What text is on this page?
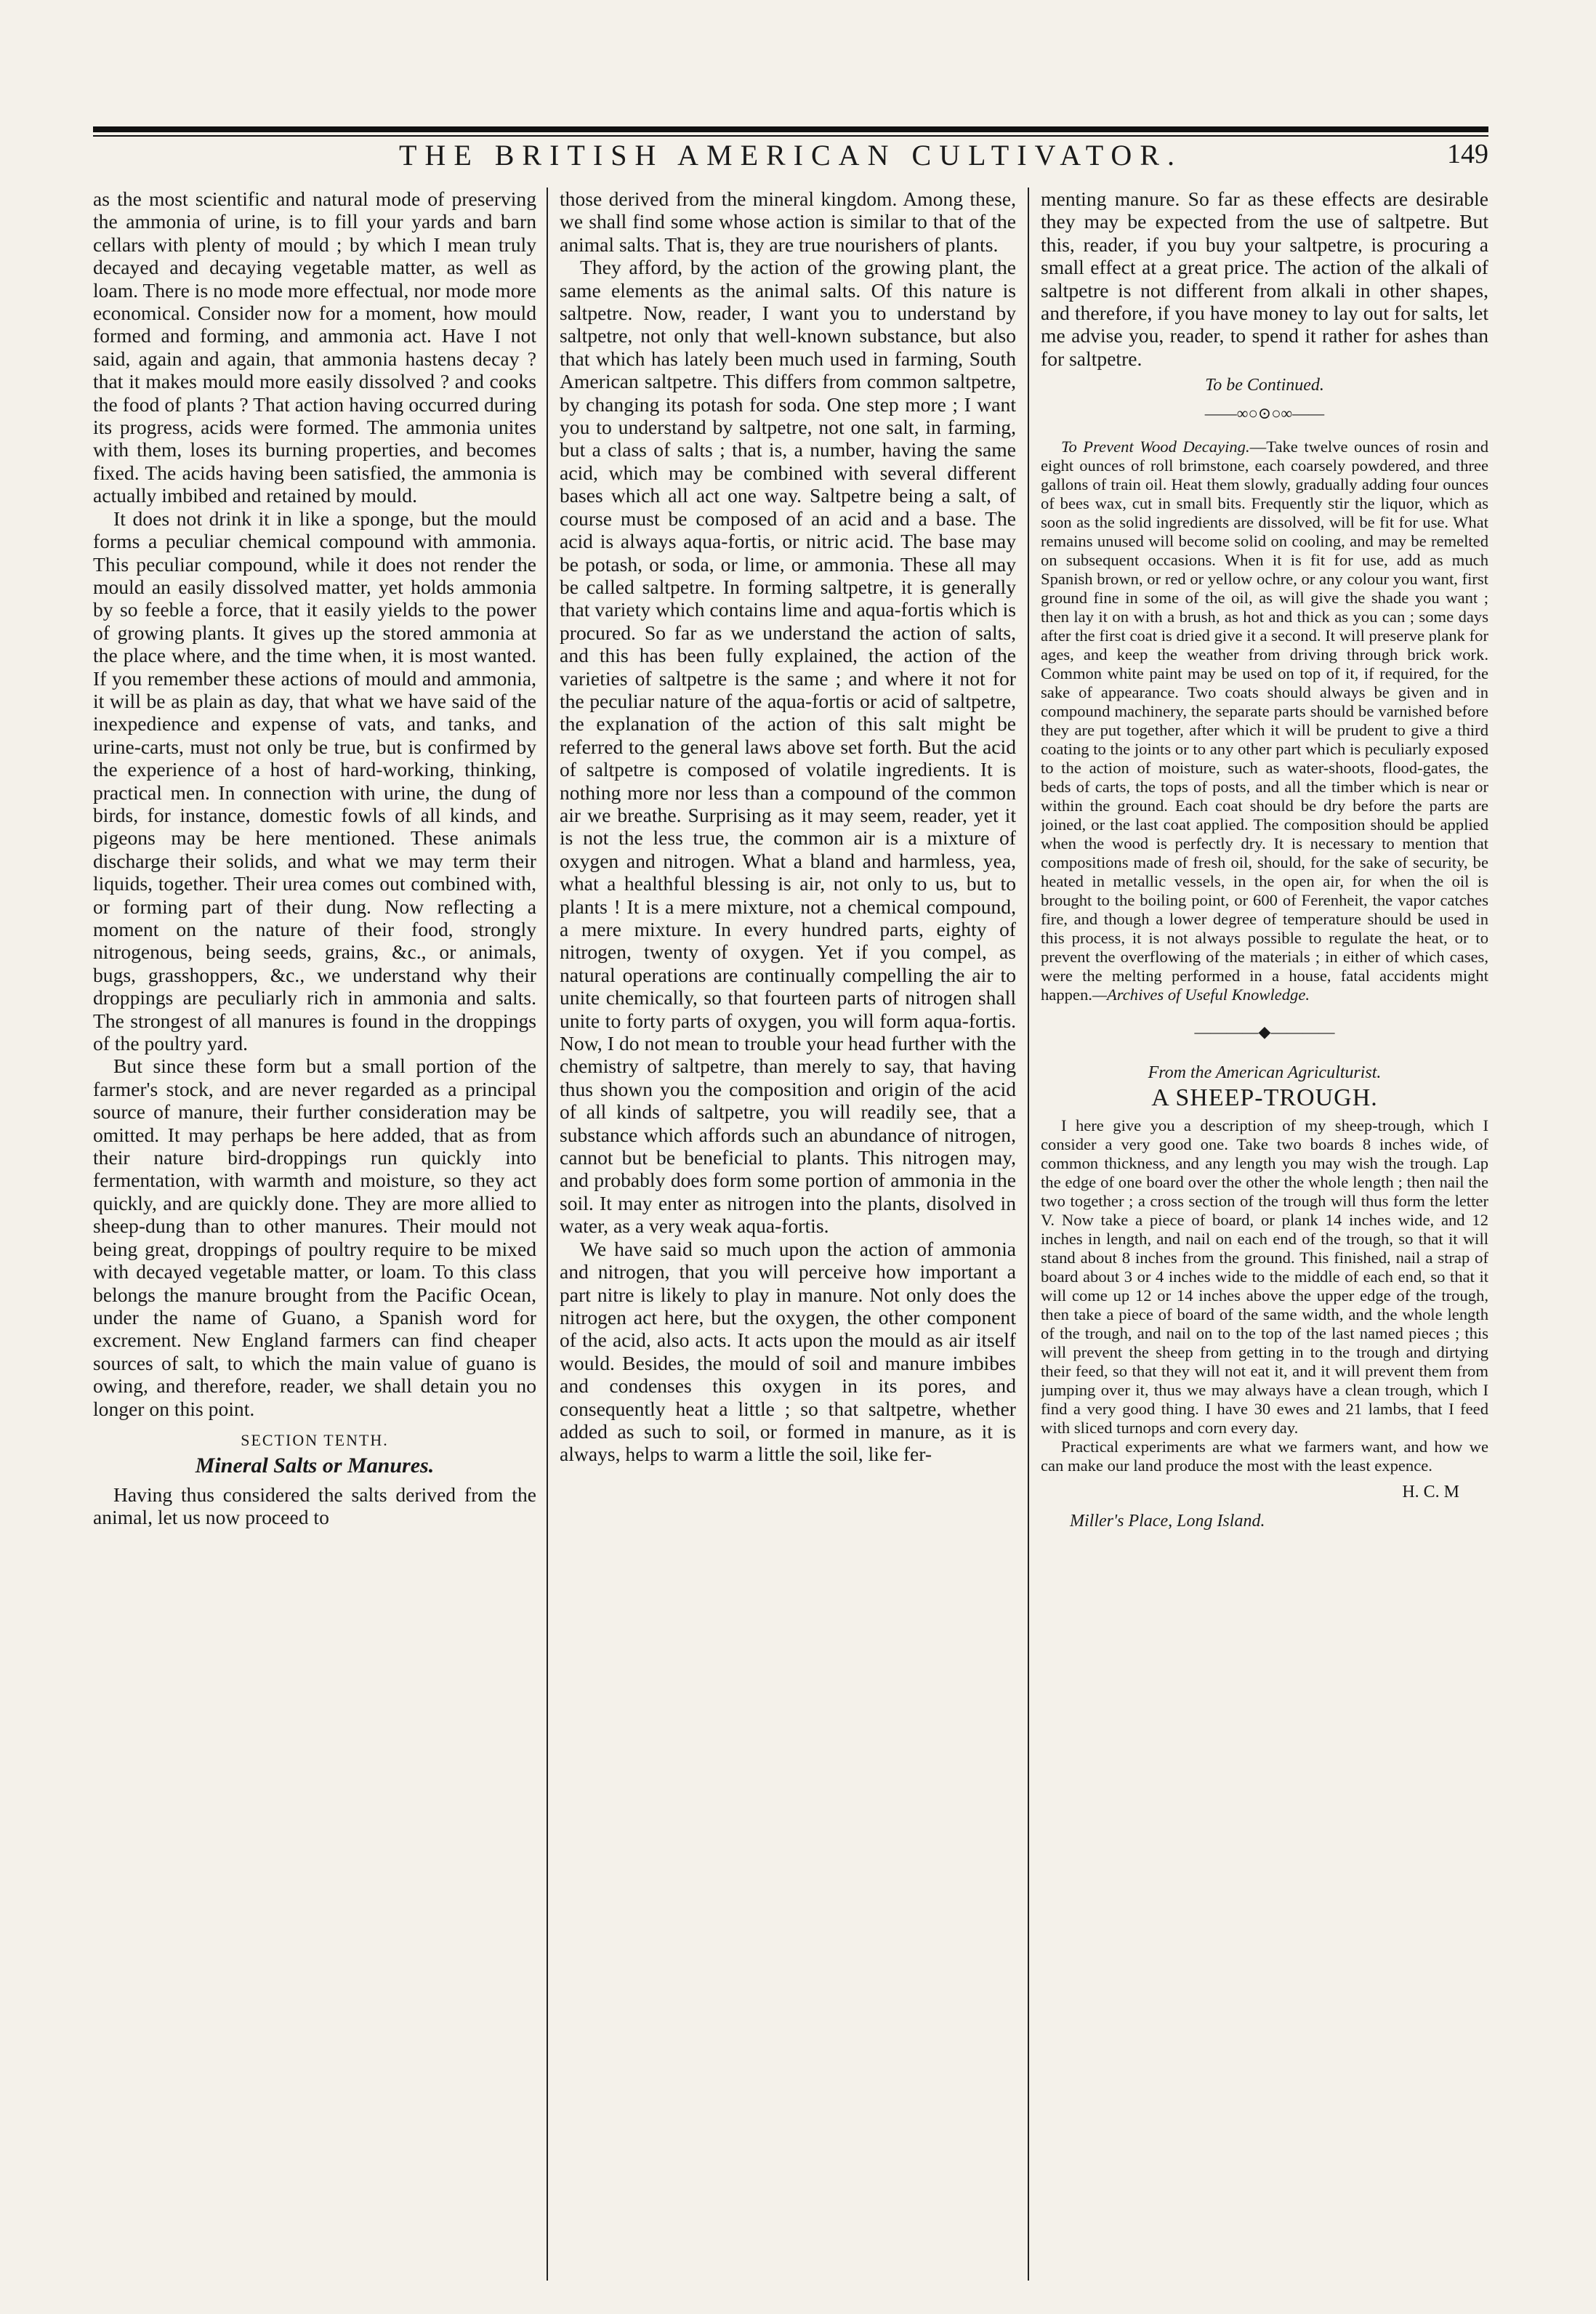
THE BRITISH AMERICAN CULTIVATOR.	149

as the most scientific and natural mode of preserving the ammonia of urine, is to fill your yards and barn cellars with plenty of mould ; by which I mean truly decayed and decaying vegetable matter, as well as loam. There is no mode more effectual, nor mode more economical. Consider now for a moment, how mould formed and forming, and ammonia act. Have I not said, again and again, that ammonia hastens decay ? that it makes mould more easily dissolved ? and cooks the food of plants ? That action having occurred during its progress, acids were formed. The ammonia unites with them, loses its burning properties, and becomes fixed. The acids having been satisfied, the ammonia is actually imbibed and retained by mould.

It does not drink it in like a sponge, but the mould forms a peculiar chemical compound with ammonia. This peculiar compound, while it does not render the mould an easily dissolved matter, yet holds ammonia by so feeble a force, that it easily yields to the power of growing plants. It gives up the stored ammonia at the place where, and the time when, it is most wanted. If you remember these actions of mould and ammonia, it will be as plain as day, that what we have said of the inexpedience and expense of vats, and tanks, and urine-carts, must not only be true, but is confirmed by the experience of a host of hard-working, thinking, practical men. In connection with urine, the dung of birds, for instance, domestic fowls of all kinds, and pigeons may be here mentioned. These animals discharge their solids, and what we may term their liquids, together. Their urea comes out combined with, or forming part of their dung. Now reflecting a moment on the nature of their food, strongly nitrogenous, being seeds, grains, &c., or animals, bugs, grasshoppers, &c., we understand why their droppings are peculiarly rich in ammonia and salts. The strongest of all manures is found in the droppings of the poultry yard.

But since these form but a small portion of the farmer's stock, and are never regarded as a principal source of manure, their further consideration may be omitted. It may perhaps be here added, that as from their nature bird-droppings run quickly into fermentation, with warmth and moisture, so they act quickly, and are quickly done. They are more allied to sheep-dung than to other manures. Their mould not being great, droppings of poultry require to be mixed with decayed vegetable matter, or loam. To this class belongs the manure brought from the Pacific Ocean, under the name of Guano, a Spanish word for excrement. New England farmers can find cheaper sources of salt, to which the main value of guano is owing, and therefore, reader, we shall detain you no longer on this point.

SECTION TENTH.

Mineral Salts or Manures.

Having thus considered the salts derived from the animal, let us now proceed to

those derived from the mineral kingdom. Among these, we shall find some whose action is similar to that of the animal salts. That is, they are true nourishers of plants.

They afford, by the action of the growing plant, the same elements as the animal salts. Of this nature is saltpetre. Now, reader, I want you to understand by saltpetre, not only that well-known substance, but also that which has lately been much used in farming, South American saltpetre. This differs from common saltpetre, by changing its potash for soda. One step more ; I want you to understand by saltpetre, not one salt, in farming, but a class of salts ; that is, a number, having the same acid, which may be combined with several different bases which all act one way. Saltpetre being a salt, of course must be composed of an acid and a base. The acid is always aqua-fortis, or nitric acid. The base may be potash, or soda, or lime, or ammonia. These all may be called saltpetre. In forming saltpetre, it is generally that variety which contains lime and aqua-fortis which is procured. So far as we understand the action of salts, and this has been fully explained, the action of the varieties of saltpetre is the same ; and where it not for the peculiar nature of the aqua-fortis or acid of saltpetre, the explanation of the action of this salt might be referred to the general laws above set forth. But the acid of saltpetre is composed of volatile ingredients. It is nothing more nor less than a compound of the common air we breathe. Surprising as it may seem, reader, yet it is not the less true, the common air is a mixture of oxygen and nitrogen. What a bland and harmless, yea, what a healthful blessing is air, not only to us, but to plants ! It is a mere mixture, not a chemical compound, a mere mixture. In every hundred parts, eighty of nitrogen, twenty of oxygen. Yet if you compel, as natural operations are continually compelling the air to unite chemically, so that fourteen parts of nitrogen shall unite to forty parts of oxygen, you will form aqua-fortis. Now, I do not mean to trouble your head further with the chemistry of saltpetre, than merely to say, that having thus shown you the composition and origin of the acid of all kinds of saltpetre, you will readily see, that a substance which affords such an abundance of nitrogen, cannot but be beneficial to plants. This nitrogen may, and probably does form some portion of ammonia in the soil. It may enter as nitrogen into the plants, disolved in water, as a very weak aqua-fortis.

We have said so much upon the action of ammonia and nitrogen, that you will perceive how important a part nitre is likely to play in manure. Not only does the nitrogen act here, but the oxygen, the other component of the acid, also acts. It acts upon the mould as air itself would. Besides, the mould of soil and manure imbibes and condenses this oxygen in its pores, and consequently heat a little ; so that saltpetre, whether added as such to soil, or formed in manure, as it is always, helps to warm a little the soil, like fer-

menting manure. So far as these effects are desirable they may be expected from the use of saltpetre. But this, reader, if you buy your saltpetre, is procuring a small effect at a great price. The action of the alkali of saltpetre is not different from alkali in other shapes, and therefore, if you have money to lay out for salts, let me advise you, reader, to spend it rather for ashes than for saltpetre.

To be Continued.

——∞○⊙○∞——

To Prevent Wood Decaying.—Take twelve ounces of rosin and eight ounces of roll brimstone, each coarsely powdered, and three gallons of train oil. Heat them slowly, gradually adding four ounces of bees wax, cut in small bits. Frequently stir the liquor, which as soon as the solid ingredients are dissolved, will be fit for use. What remains unused will become solid on cooling, and may be remelted on subsequent occasions. When it is fit for use, add as much Spanish brown, or red or yellow ochre, or any colour you want, first ground fine in some of the oil, as will give the shade you want ; then lay it on with a brush, as hot and thick as you can ; some days after the first coat is dried give it a second. It will preserve plank for ages, and keep the weather from driving through brick work. Common white paint may be used on top of it, if required, for the sake of appearance. Two coats should always be given and in compound machinery, the separate parts should be varnished before they are put together, after which it will be prudent to give a third coating to the joints or to any other part which is peculiarly exposed to the action of moisture, such as water-shoots, flood-gates, the beds of carts, the tops of posts, and all the timber which is near or within the ground. Each coat should be dry before the parts are joined, or the last coat applied. The composition should be applied when the wood is perfectly dry. It is necessary to mention that compositions made of fresh oil, should, for the sake of security, be heated in metallic vessels, in the open air, for when the oil is brought to the boiling point, or 600 of Ferenheit, the vapor catches fire, and though a lower degree of temperature should be used in this process, it is not always possible to regulate the heat, or to prevent the overflowing of the materials ; in either of which cases, were the melting performed in a house, fatal accidents might happen.—Archives of Useful Knowledge.

————◆————

From the American Agriculturist.

A SHEEP-TROUGH.

I here give you a description of my sheep-trough, which I consider a very good one. Take two boards 8 inches wide, of common thickness, and any length you may wish the trough. Lap the edge of one board over the other the whole length ; then nail the two together ; a cross section of the trough will thus form the letter V. Now take a piece of board, or plank 14 inches wide, and 12 inches in length, and nail on each end of the trough, so that it will stand about 8 inches from the ground. This finished, nail a strap of board about 3 or 4 inches wide to the middle of each end, so that it will come up 12 or 14 inches above the upper edge of the trough, then take a piece of board of the same width, and the whole length of the trough, and nail on to the top of the last named pieces ; this will prevent the sheep from getting in to the trough and dirtying their feed, so that they will not eat it, and it will prevent them from jumping over it, thus we may always have a clean trough, which I find a very good thing. I have 30 ewes and 21 lambs, that I feed with sliced turnops and corn every day.

Practical experiments are what we farmers want, and how we can make our land produce the most with the least expence.

H. C. M

Miller's Place, Long Island.
